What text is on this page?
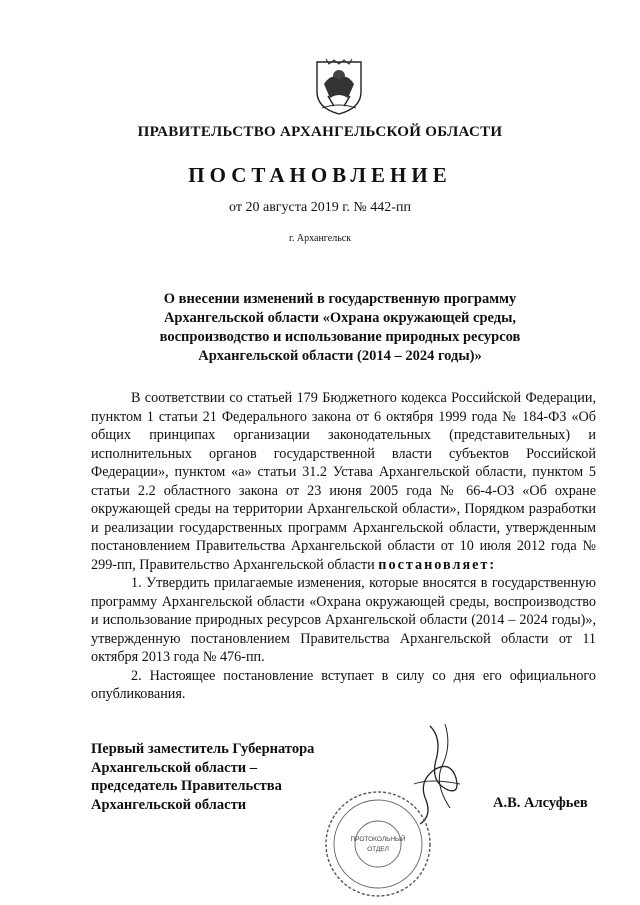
ПРАВИТЕЛЬСТВО АРХАНГЕЛЬСКОЙ ОБЛАСТИ
ПОСТАНОВЛЕНИЕ
от 20 августа 2019 г. № 442-пп
г. Архангельск
О внесении изменений в государственную программу
Архангельской области «Охрана окружающей среды,
воспроизводство и использование природных ресурсов
Архангельской области (2014 – 2024 годы)»

В соответствии со статьей 179 Бюджетного кодекса Российской Федерации, пунктом 1 статьи 21 Федерального закона от 6 октября 1999 года № 184-ФЗ «Об общих принципах организации законодательных (представительных) и исполнительных органов государственной власти субъектов Российской Федерации», пунктом «а» статьи 31.2 Устава Архангельской области, пунктом 5 статьи 2.2 областного закона от 23 июня 2005 года № 66-4-ОЗ «Об охране окружающей среды на территории Архангельской области», Порядком разработки и реализации государственных программ Архангельской области, утвержденным постановлением Правительства Архангельской области от 10 июля 2012 года № 299-пп, Правительство Архангельской области постановляет:

1. Утвердить прилагаемые изменения, которые вносятся в государственную программу Архангельской области «Охрана окружающей среды, воспроизводство и использование природных ресурсов Архангельской области (2014 – 2024 годы)», утвержденную постановлением Правительства Архангельской области от 11 октября 2013 года № 476-пп.

2. Настоящее постановление вступает в силу со дня его официального опубликования.

Первый заместитель Губернатора
Архангельской области –
председатель Правительства
Архангельской области	А.В. Алсуфьев
ПРОТОКОЛЬНЫЙ
ОТДЕЛ
